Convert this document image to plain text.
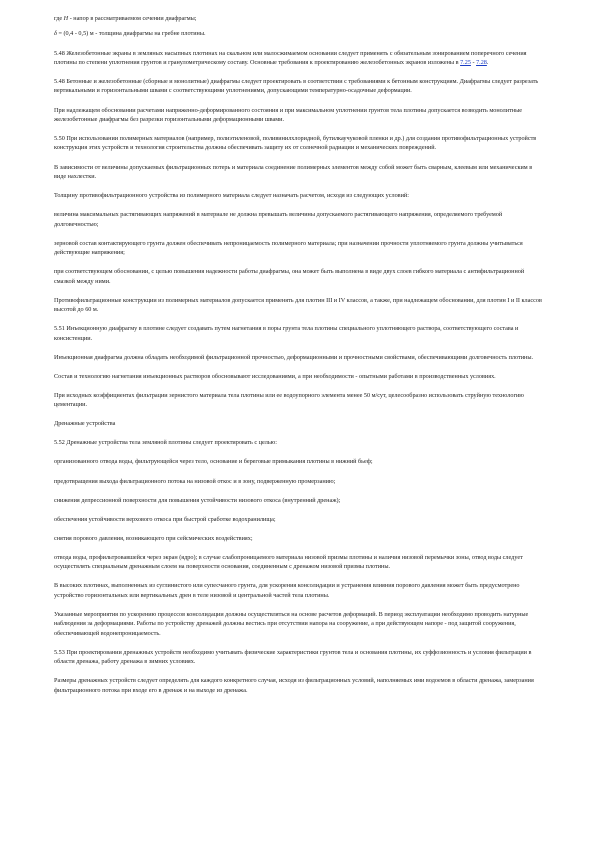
где H - напор в рассматриваемом сечении диафрагмы;

δ = (0,4 - 0,5) м - толщина диафрагмы на гребне плотины.

5.48 Железобетонные экраны в земляных насыпных плотинах на скальном или малосжимаемом основании следует применять с обязательным зонированием поперечного сечения плотины по степени уплотнения грунтов и гранулометрическому составу. Основные требования к проектированию железобетонных экранов изложены в 7.25 - 7.28.

5.48 Бетонные и железобетонные (сборные и монолитные) диафрагмы следует проектировать в соответствии с требованиями к бетонным конструкциям. Диафрагмы следует разрезать вертикальными и горизонтальными швами с соответствующими уплотнениями, допускающими температурно-осадочные деформации.

При надлежащем обосновании расчетами напряженно-деформированного состояния и при максимальном уплотнении грунтов тела плотины допускается возводить монолитные железобетонные диафрагмы без разрезки горизонтальными деформационными швами.

5.50 При использовании полимерных материалов (например, полиэтиленовой, поливинилхлоридной, бутилкаучуковой пленки и др.) для создания противофильтрационных устройств конструкция этих устройств и технология строительства должны обеспечивать защиту их от солнечной радиации и механических повреждений.

В зависимости от величины допускаемых фильтрационных потерь и материала соединение полимерных элементов между собой может быть сварным, клеевым или механическим в виде нахлестки.

Толщину противофильтрационного устройства из полимерного материала следует назначать расчетом, исходя из следующих условий:

величина максимальных растягивающих напряжений в материале не должна превышать величины допускаемого растягивающего напряжения, определяемого требуемой долговечностью;

зерновой состав контактирующего грунта должен обеспечивать непроницаемость полимерного материала; при назначении прочности уплотняемого грунта должны учитываться действующие напряжения;

при соответствующем обосновании, с целью повышения надежности работы диафрагмы, она может быть выполнена в виде двух слоев гибкого материала с антифильтрационной смазкой между ними.

Противофильтрационные конструкции из полимерных материалов допускается применять для плотин III и IV классов, а также, при надлежащем обосновании, для плотин I и II классов высотой до 60 м.

5.51 Инъекционную диафрагму в плотине следует создавать путем нагнетания в поры грунта тела плотины специального уплотняющего раствора, соответствующего состава и консистенции.

Инъекционная диафрагма должна обладать необходимой фильтрационной прочностью, деформационными и прочностными свойствами, обеспечивающими долговечность плотины.

Состав и технологию нагнетания инъекционных растворов обосновывают исследованиями, а при необходимости - опытными работами в производственных условиях.

При исходных коэффициентах фильтрации зернистого материала тела плотины или ее водоупорного элемента менее 50 м/сут, целесообразно использовать струйную технологию цементации.

Дренажные устройства

5.52 Дренажные устройства тела земляной плотины следует проектировать с целью:

организованного отвода воды, фильтрующейся через тело, основание и береговые примыкания плотины в нижний бьеф;

предотвращения выхода фильтрационного потока на низовой откос и в зону, подверженную промерзанию;

снижения депрессионной поверхности для повышения устойчивости низового откоса (внутренний дренаж);

обеспечения устойчивости верхового откоса при быстрой сработке водохранилища;

снятия порового давления, возникающего при сейсмических воздействиях;

отвода воды, профильтровавшейся через экран (ядро); в случае слабопроницаемого материала низовой призмы плотины и наличия низовой перемычки зоны, отвод воды следует осуществлять специальным дренажным слоем на поверхности основания, соединенным с дренажом низовой призмы плотины.

В высоких плотинах, выполненных из суглинистого или супесчаного грунта, для ускорения консолидации и устранения влияния порового давления может быть предусмотрено устройство горизонтальных или вертикальных дрен в теле низовой и центральной частей тела плотины.

Указанные мероприятия по ускорению процессов консолидации должны осуществляться на основе расчетов деформаций. В период эксплуатации необходимо проводить натурные наблюдения за деформациями. Работы по устройству дренажей должны вестись при отсутствии напора на сооружение, а при действующем напоре - под защитой сооружения, обеспечивающей водонепроницаемость.

5.53 При проектировании дренажных устройств необходимо учитывать физические характеристики грунтов тела и основания плотины, их суффозионность и условия фильтрации в области дренажа, работу дренажа в зимних условиях.

Размеры дренажных устройств следует определять для каждого конкретного случая, исходя из фильтрационных условий, наполняемых ими водоемов в области дренажа, замерзания фильтрационного потока при входе его в дренаж и на выходе из дренажа.
